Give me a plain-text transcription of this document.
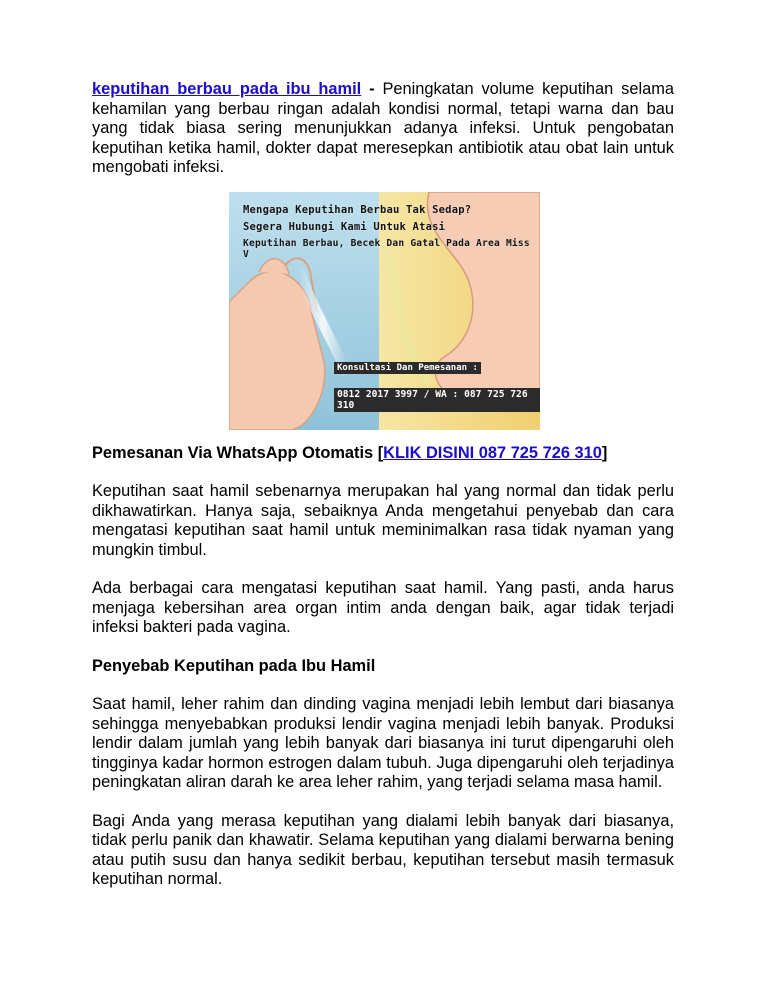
keputihan berbau pada ibu hamil - Peningkatan volume keputihan selama kehamilan yang berbau ringan adalah kondisi normal, tetapi warna dan bau yang tidak biasa sering menunjukkan adanya infeksi. Untuk pengobatan keputihan ketika hamil, dokter dapat meresepkan antibiotik atau obat lain untuk mengobati infeksi.

Mengapa Keputihan Berbau Tak Sedap?
Segera Hubungi Kami Untuk Atasi
Keputihan Berbau, Becek Dan Gatal Pada Area Miss V
Konsultasi Dan Pemesanan :
0812 2017 3997 / WA : 087 725 726 310

Pemesanan Via WhatsApp Otomatis [KLIK DISINI 087 725 726 310]

Keputihan saat hamil sebenarnya merupakan hal yang normal dan tidak perlu dikhawatirkan. Hanya saja, sebaiknya Anda mengetahui penyebab dan cara mengatasi keputihan saat hamil untuk meminimalkan rasa tidak nyaman yang mungkin timbul.

Ada berbagai cara mengatasi keputihan saat hamil. Yang pasti, anda harus menjaga kebersihan area organ intim anda dengan baik, agar tidak terjadi infeksi bakteri pada vagina.

Penyebab Keputihan pada Ibu Hamil

Saat hamil, leher rahim dan dinding vagina menjadi lebih lembut dari biasanya sehingga menyebabkan produksi lendir vagina menjadi lebih banyak. Produksi lendir dalam jumlah yang lebih banyak dari biasanya ini turut dipengaruhi oleh tingginya kadar hormon estrogen dalam tubuh. Juga dipengaruhi oleh terjadinya peningkatan aliran darah ke area leher rahim, yang terjadi selama masa hamil.

Bagi Anda yang merasa keputihan yang dialami lebih banyak dari biasanya, tidak perlu panik dan khawatir. Selama keputihan yang dialami berwarna bening atau putih susu dan hanya sedikit berbau, keputihan tersebut masih termasuk keputihan normal.
